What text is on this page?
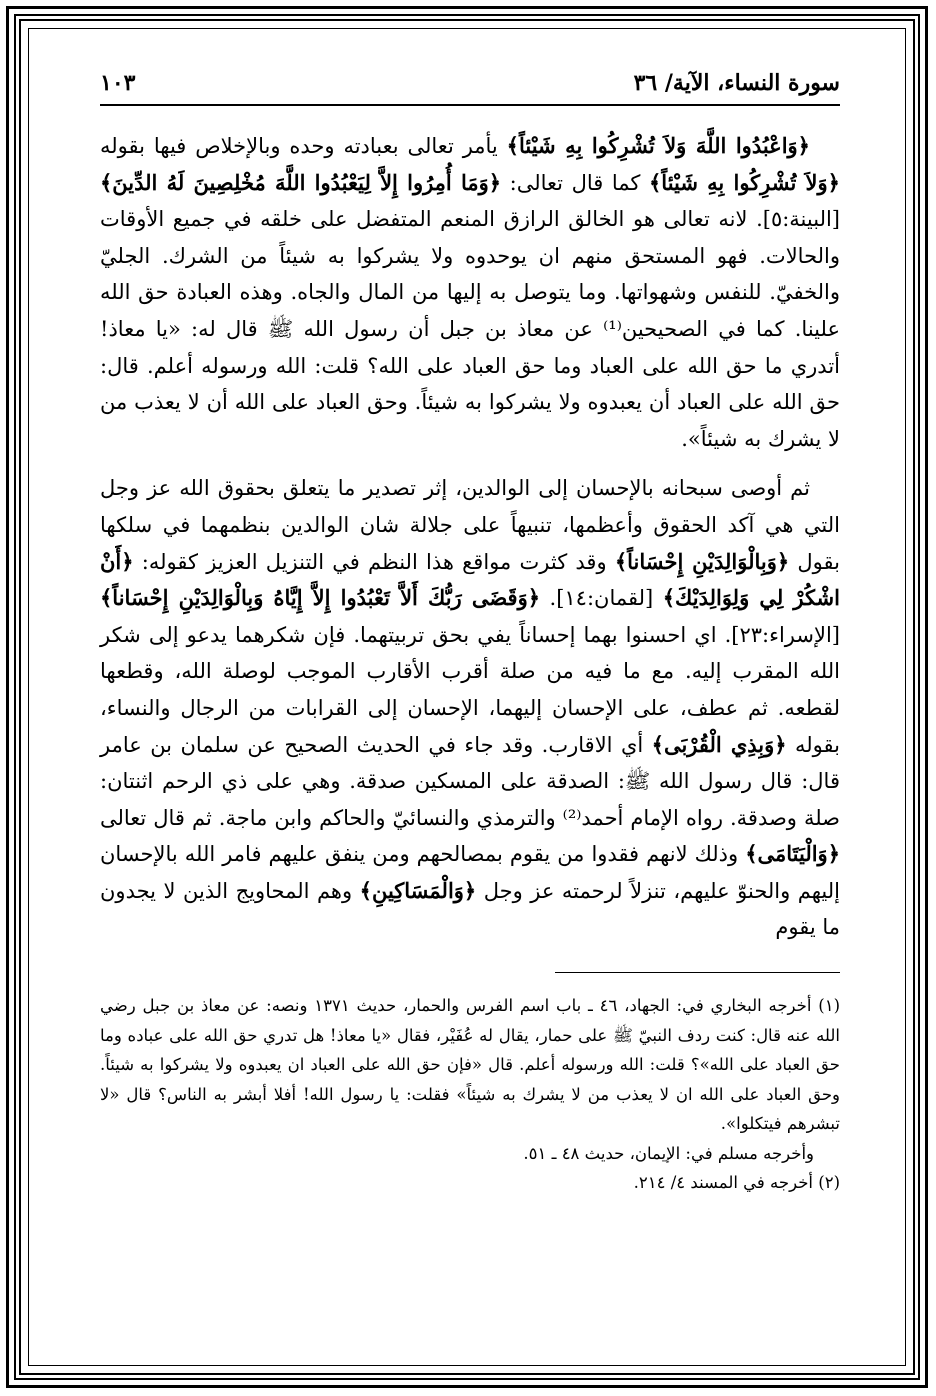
سورة النساء، الآية/ ٣٦
١٠٣

﴿وَاعْبُدُوا اللَّهَ وَلاَ تُشْرِكُوا بِهِ شَيْئاً﴾ يأمر تعالى بعبادته وحده وبالإخلاص فيها بقوله ﴿وَلاَ تُشْرِكُوا بِهِ شَيْئاً﴾ كما قال تعالى: ﴿وَمَا أُمِرُوا إِلاَّ لِيَعْبُدُوا اللَّهَ مُخْلِصِينَ لَهُ الدِّينَ﴾ [البينة:٥]. لانه تعالى هو الخالق الرازق المنعم المتفضل على خلقه في جميع الأوقات والحالات. فهو المستحق منهم ان يوحدوه ولا يشركوا به شيئاً من الشرك. الجليّ والخفيّ. للنفس وشهواتها. وما يتوصل به إليها من المال والجاه. وهذه العبادة حق الله علينا. كما في الصحيحين⁽¹⁾ عن معاذ بن جبل أن رسول الله ﷺ قال له: «يا معاذ! أتدري ما حق الله على العباد وما حق العباد على الله؟ قلت: الله ورسوله أعلم. قال: حق الله على العباد أن يعبدوه ولا يشركوا به شيئاً. وحق العباد على الله أن لا يعذب من لا يشرك به شيئاً».

ثم أوصى سبحانه بالإحسان إلى الوالدين، إثر تصدير ما يتعلق بحقوق الله عز وجل التي هي آكد الحقوق وأعظمها، تنبيهاً على جلالة شان الوالدين بنظمهما في سلكها بقول ﴿وَبِالْوَالِدَيْنِ إِحْسَاناً﴾ وقد كثرت مواقع هذا النظم في التنزيل العزيز كقوله: ﴿أَنْ اشْكُرْ لِي وَلِوَالِدَيْكَ﴾ [لقمان:١٤]. ﴿وَقَضَى رَبُّكَ أَلاَّ تَعْبُدُوا إِلاَّ إِيَّاهُ وَبِالْوَالِدَيْنِ إِحْسَاناً﴾ [الإسراء:٢٣]. اي احسنوا بهما إحساناً يفي بحق تربيتهما. فإن شكرهما يدعو إلى شكر الله المقرب إليه. مع ما فيه من صلة أقرب الأقارب الموجب لوصلة الله، وقطعها لقطعه. ثم عطف، على الإحسان إليهما، الإحسان إلى القرابات من الرجال والنساء، بقوله ﴿وَبِذِي الْقُرْبَى﴾ أي الاقارب. وقد جاء في الحديث الصحيح عن سلمان بن عامر قال: قال رسول الله ﷺ: الصدقة على المسكين صدقة. وهي على ذي الرحم اثنتان: صلة وصدقة. رواه الإمام أحمد⁽²⁾ والترمذي والنسائيّ والحاكم وابن ماجة. ثم قال تعالى ﴿وَالْيَتَامَى﴾ وذلك لانهم فقدوا من يقوم بمصالحهم ومن ينفق عليهم فامر الله بالإحسان إليهم والحنوّ عليهم، تنزلاً لرحمته عز وجل ﴿وَالْمَسَاكِينِ﴾ وهم المحاويج الذين لا يجدون ما يقوم

(١) أخرجه البخاري في: الجهاد، ٤٦ ـ باب اسم الفرس والحمار، حديث ١٣٧١ ونصه: عن معاذ بن جبل رضي الله عنه قال: كنت ردف النبيّ ﷺ على حمار، يقال له عُفَيْر، فقال «يا معاذ! هل تدري حق الله على عباده وما حق العباد على الله»؟ قلت: الله ورسوله أعلم. قال «فإن حق الله على العباد ان يعبدوه ولا يشركوا به شيئاً. وحق العباد على الله ان لا يعذب من لا يشرك به شيئاً» فقلت: يا رسول الله! أفلا أبشر به الناس؟ قال «لا تبشرهم فيتكلوا».

وأخرجه مسلم في: الإيمان، حديث ٤٨ ـ ٥١.

(٢) أخرجه في المسند ٤/ ٢١٤.
